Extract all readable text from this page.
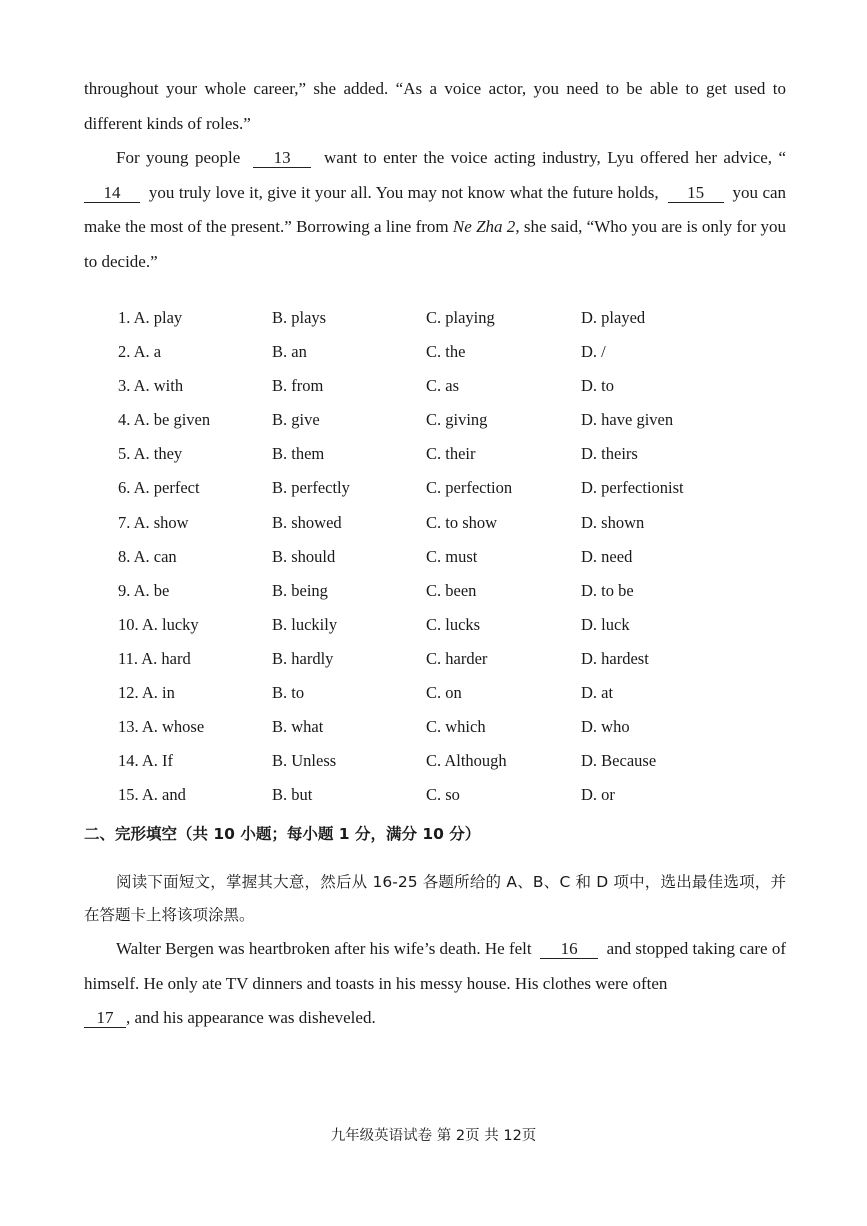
throughout your whole career,” she added. “As a voice actor, you need to be able to get used to different kinds of roles.”

For young people 13 want to enter the voice acting industry, Lyu offered her advice, “14 you truly love it, give it your all. You may not know what the future holds, 15 you can make the most of the present.” Borrowing a line from Ne Zha 2, she said, “Who you are is only for you to decide.”

1. A. play	B. plays	C. playing	D. played
2. A. a	B. an	C. the	D. /
3. A. with	B. from	C. as	D. to
4. A. be given	B. give	C. giving	D. have given
5. A. they	B. them	C. their	D. theirs
6. A. perfect	B. perfectly	C. perfection	D. perfectionist
7. A. show	B. showed	C. to show	D. shown
8. A. can	B. should	C. must	D. need
9. A. be	B. being	C. been	D. to be
10. A. lucky	B. luckily	C. lucks	D. luck
11. A. hard	B. hardly	C. harder	D. hardest
12. A. in	B. to	C. on	D. at
13. A. whose	B. what	C. which	D. who
14. A. If	B. Unless	C. Although	D. Because
15. A. and	B. but	C. so	D. or

二、完形填空（共 10 小题；每小题 1 分，满分 10 分）

阅读下面短文，掌握其大意，然后从 16-25 各题所给的 A、B、C 和 D 项中，选出最佳选项，并在答题卡上将该项涂黑。

Walter Bergen was heartbroken after his wife’s death. He felt 16 and stopped taking care of himself. He only ate TV dinners and toasts in his messy house. His clothes were often
17 , and his appearance was disheveled.

九年级英语试卷 第 2页 共 12页
